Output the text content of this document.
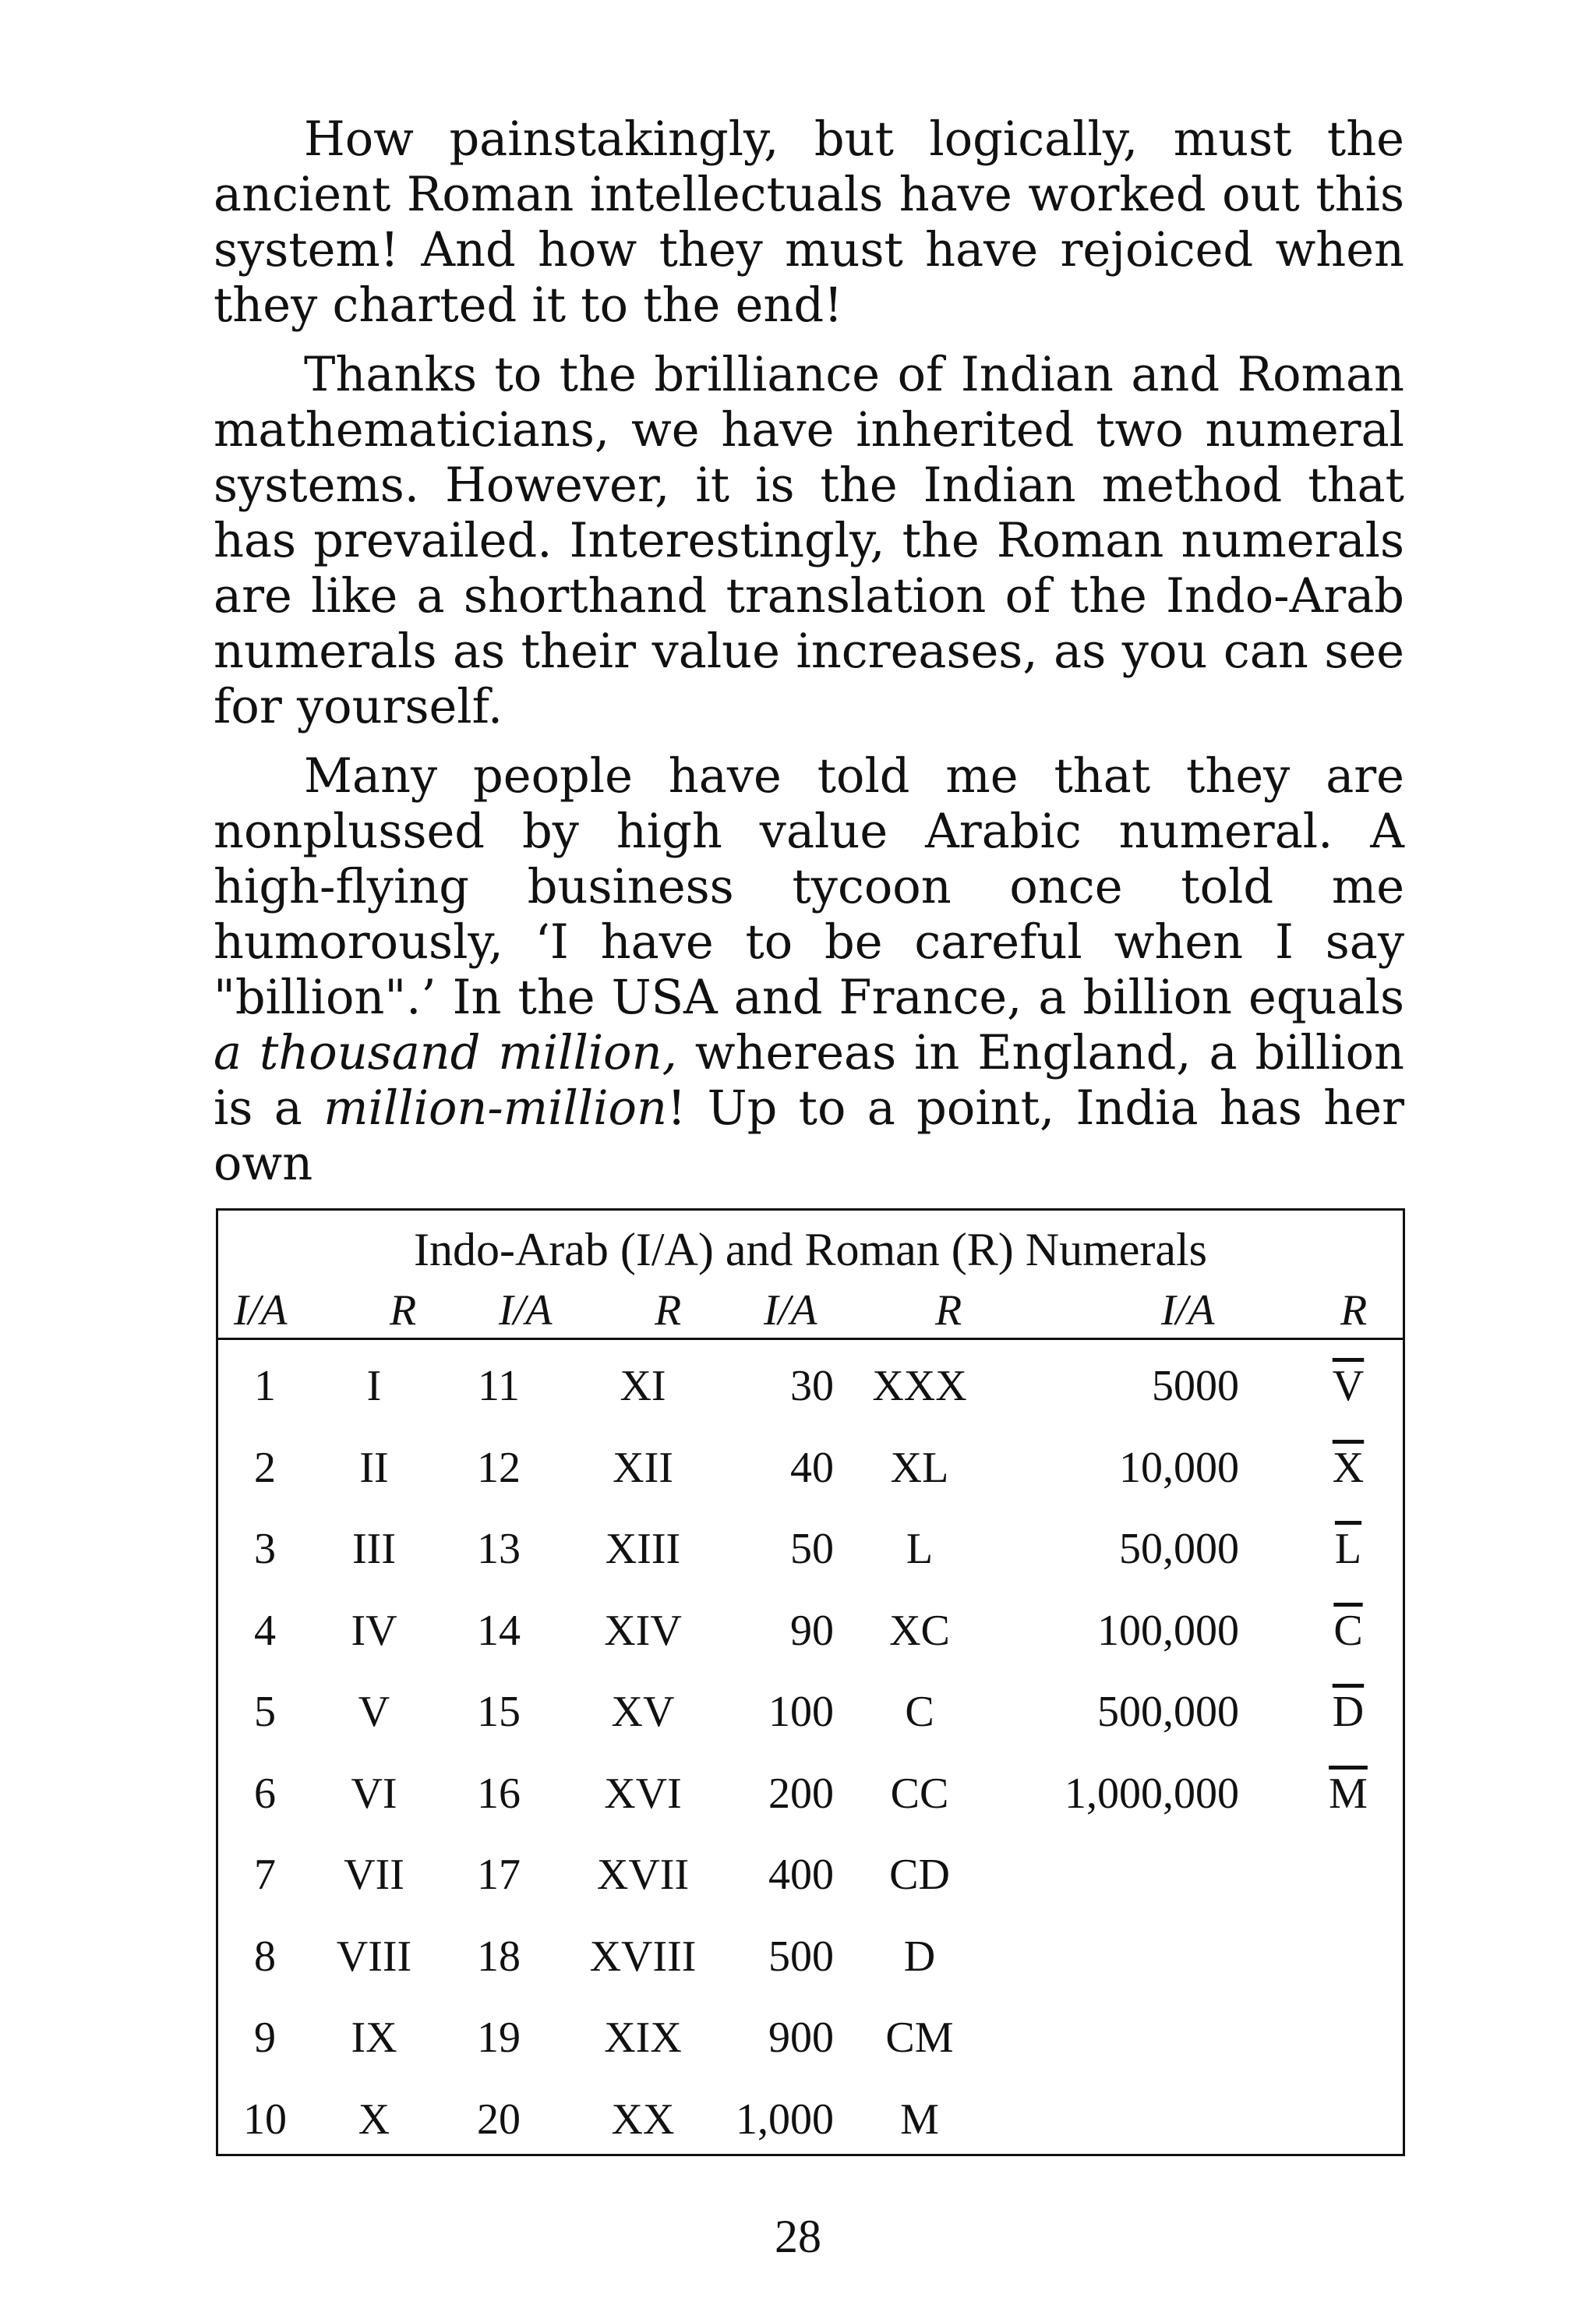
How painstakingly, but logically, must the ancient Roman intellectuals have worked out this system! And how they must have rejoiced when they charted it to the end!

Thanks to the brilliance of Indian and Roman mathematicians, we have inherited two numeral systems. However, it is the Indian method that has prevailed. Interestingly, the Roman numerals are like a shorthand translation of the Indo-Arab numerals as their value increases, as you can see for yourself.

Many people have told me that they are nonplussed by high value Arabic numeral. A high-flying business tycoon once told me humorously, ‘I have to be careful when I say "billion".’ In the USA and France, a billion equals a thousand million, whereas in England, a billion is a million-million! Up to a point, India has her own

Indo-Arab (I/A) and Roman (R) Numerals
I/A R I/A R I/A	R	I/A	R
1	I	11	XI	30 XXX	5000	$\overline{V}$
2	II	12	XII	40	XL	10,000	$\overline{X}$
3	III	13	XIII	50	L	50,000	$\overline{L}$
4	IV	14	XIV	90	XC	100,000	$\overline{C}$
5	V	15	XV	100	C	500,000	$\overline{D}$
6	VI	16	XVI	200	CC	1,000,000	$\overline{M}$
7	VII	17	XVII	400	CD
8	VIII	18	XVIII	500	D
9	IX	19	XIX	900	CM
10	X	20	XX	1,000	M
28
